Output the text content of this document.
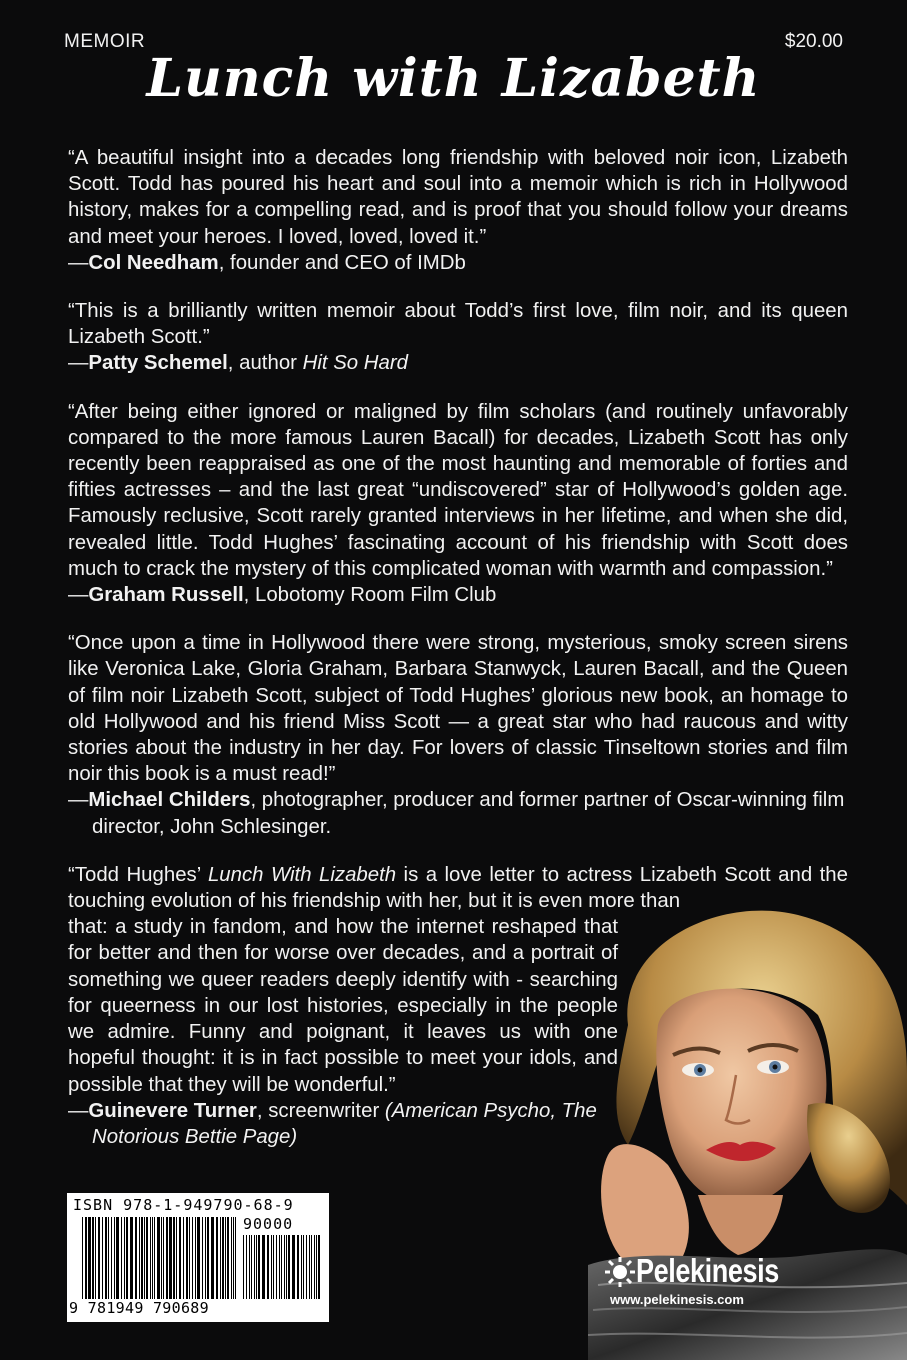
MEMOIR	$20.00
Lunch with Lizabeth

“A beautiful insight into a decades long friendship with beloved noir icon, Lizabeth Scott. Todd has poured his heart and soul into a memoir which is rich in Hollywood history, makes for a compelling read, and is proof that you should follow your dreams and meet your heroes. I loved, loved, loved it.”

—Col Needham, founder and CEO of IMDb

“This is a brilliantly written memoir about Todd’s first love, film noir, and its queen Lizabeth Scott.”

—Patty Schemel, author Hit So Hard

“After being either ignored or maligned by film scholars (and routinely unfavorably compared to the more famous Lauren Bacall) for decades, Lizabeth Scott has only recently been reappraised as one of the most haunting and memorable of forties and fifties actresses – and the last great “undiscovered” star of Hollywood’s golden age. Famously reclusive, Scott rarely granted interviews in her lifetime, and when she did, revealed little. Todd Hughes’ fascinating account of his friendship with Scott does much to crack the mystery of this complicated woman with warmth and compassion.”

—Graham Russell, Lobotomy Room Film Club

“Once upon a time in Hollywood there were strong, mysterious, smoky screen sirens like Veronica Lake, Gloria Graham, Barbara Stanwyck, Lauren Bacall, and the Queen of film noir Lizabeth Scott, subject of Todd Hughes’ glorious new book, an homage to old Hollywood and his friend Miss Scott — a great star who had raucous and witty stories about the industry in her day. For lovers of classic Tinseltown stories and film noir this book is a must read!”

—Michael Childers, photographer, producer and former partner of Oscar-winning film director, John Schlesinger.

“Todd Hughes’ Lunch With Lizabeth is a love letter to actress Lizabeth Scott and the touching evolution of his friendship with her, but it is even more than

that: a study in fandom, and how the internet reshaped that for better and then for worse over decades, and a portrait of something we queer readers deeply identify with - searching for queerness in our lost histories, especially in the people we admire. Funny and poignant, it leaves us with one hopeful thought: it is in fact possible to meet your idols, and possible that they will be wonderful.”

—Guinevere Turner, screenwriter (American Psycho, The Notorious Bettie Page)

ISBN 978-1-949790-68-9
90000
9 781949 790689
Pelekinesis
www.pelekinesis.com
